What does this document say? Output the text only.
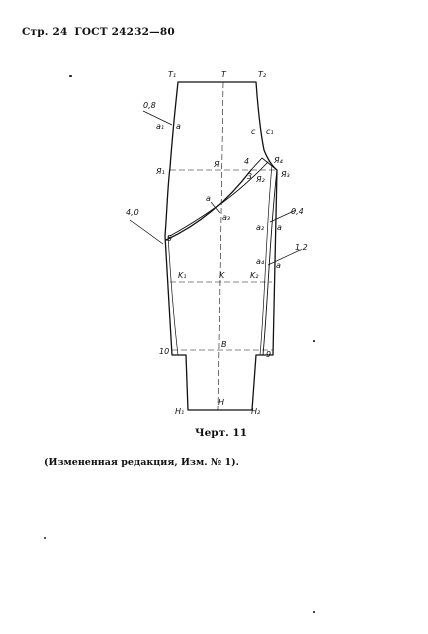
Стр. 24 ГОСТ 24232—80
T₁	T	T₂
0,8
a₁ a
c c₁
Я₁
Я	4
3 Я₂
Я₄
Я₃
4,0
a
a₃
5
0,4
a₂ a
1,2
a₄ a
K₁	K	K₂
10
B
9
H₁
H
H₂
Черт. 11
(Измененная редакция, Изм. № 1).
